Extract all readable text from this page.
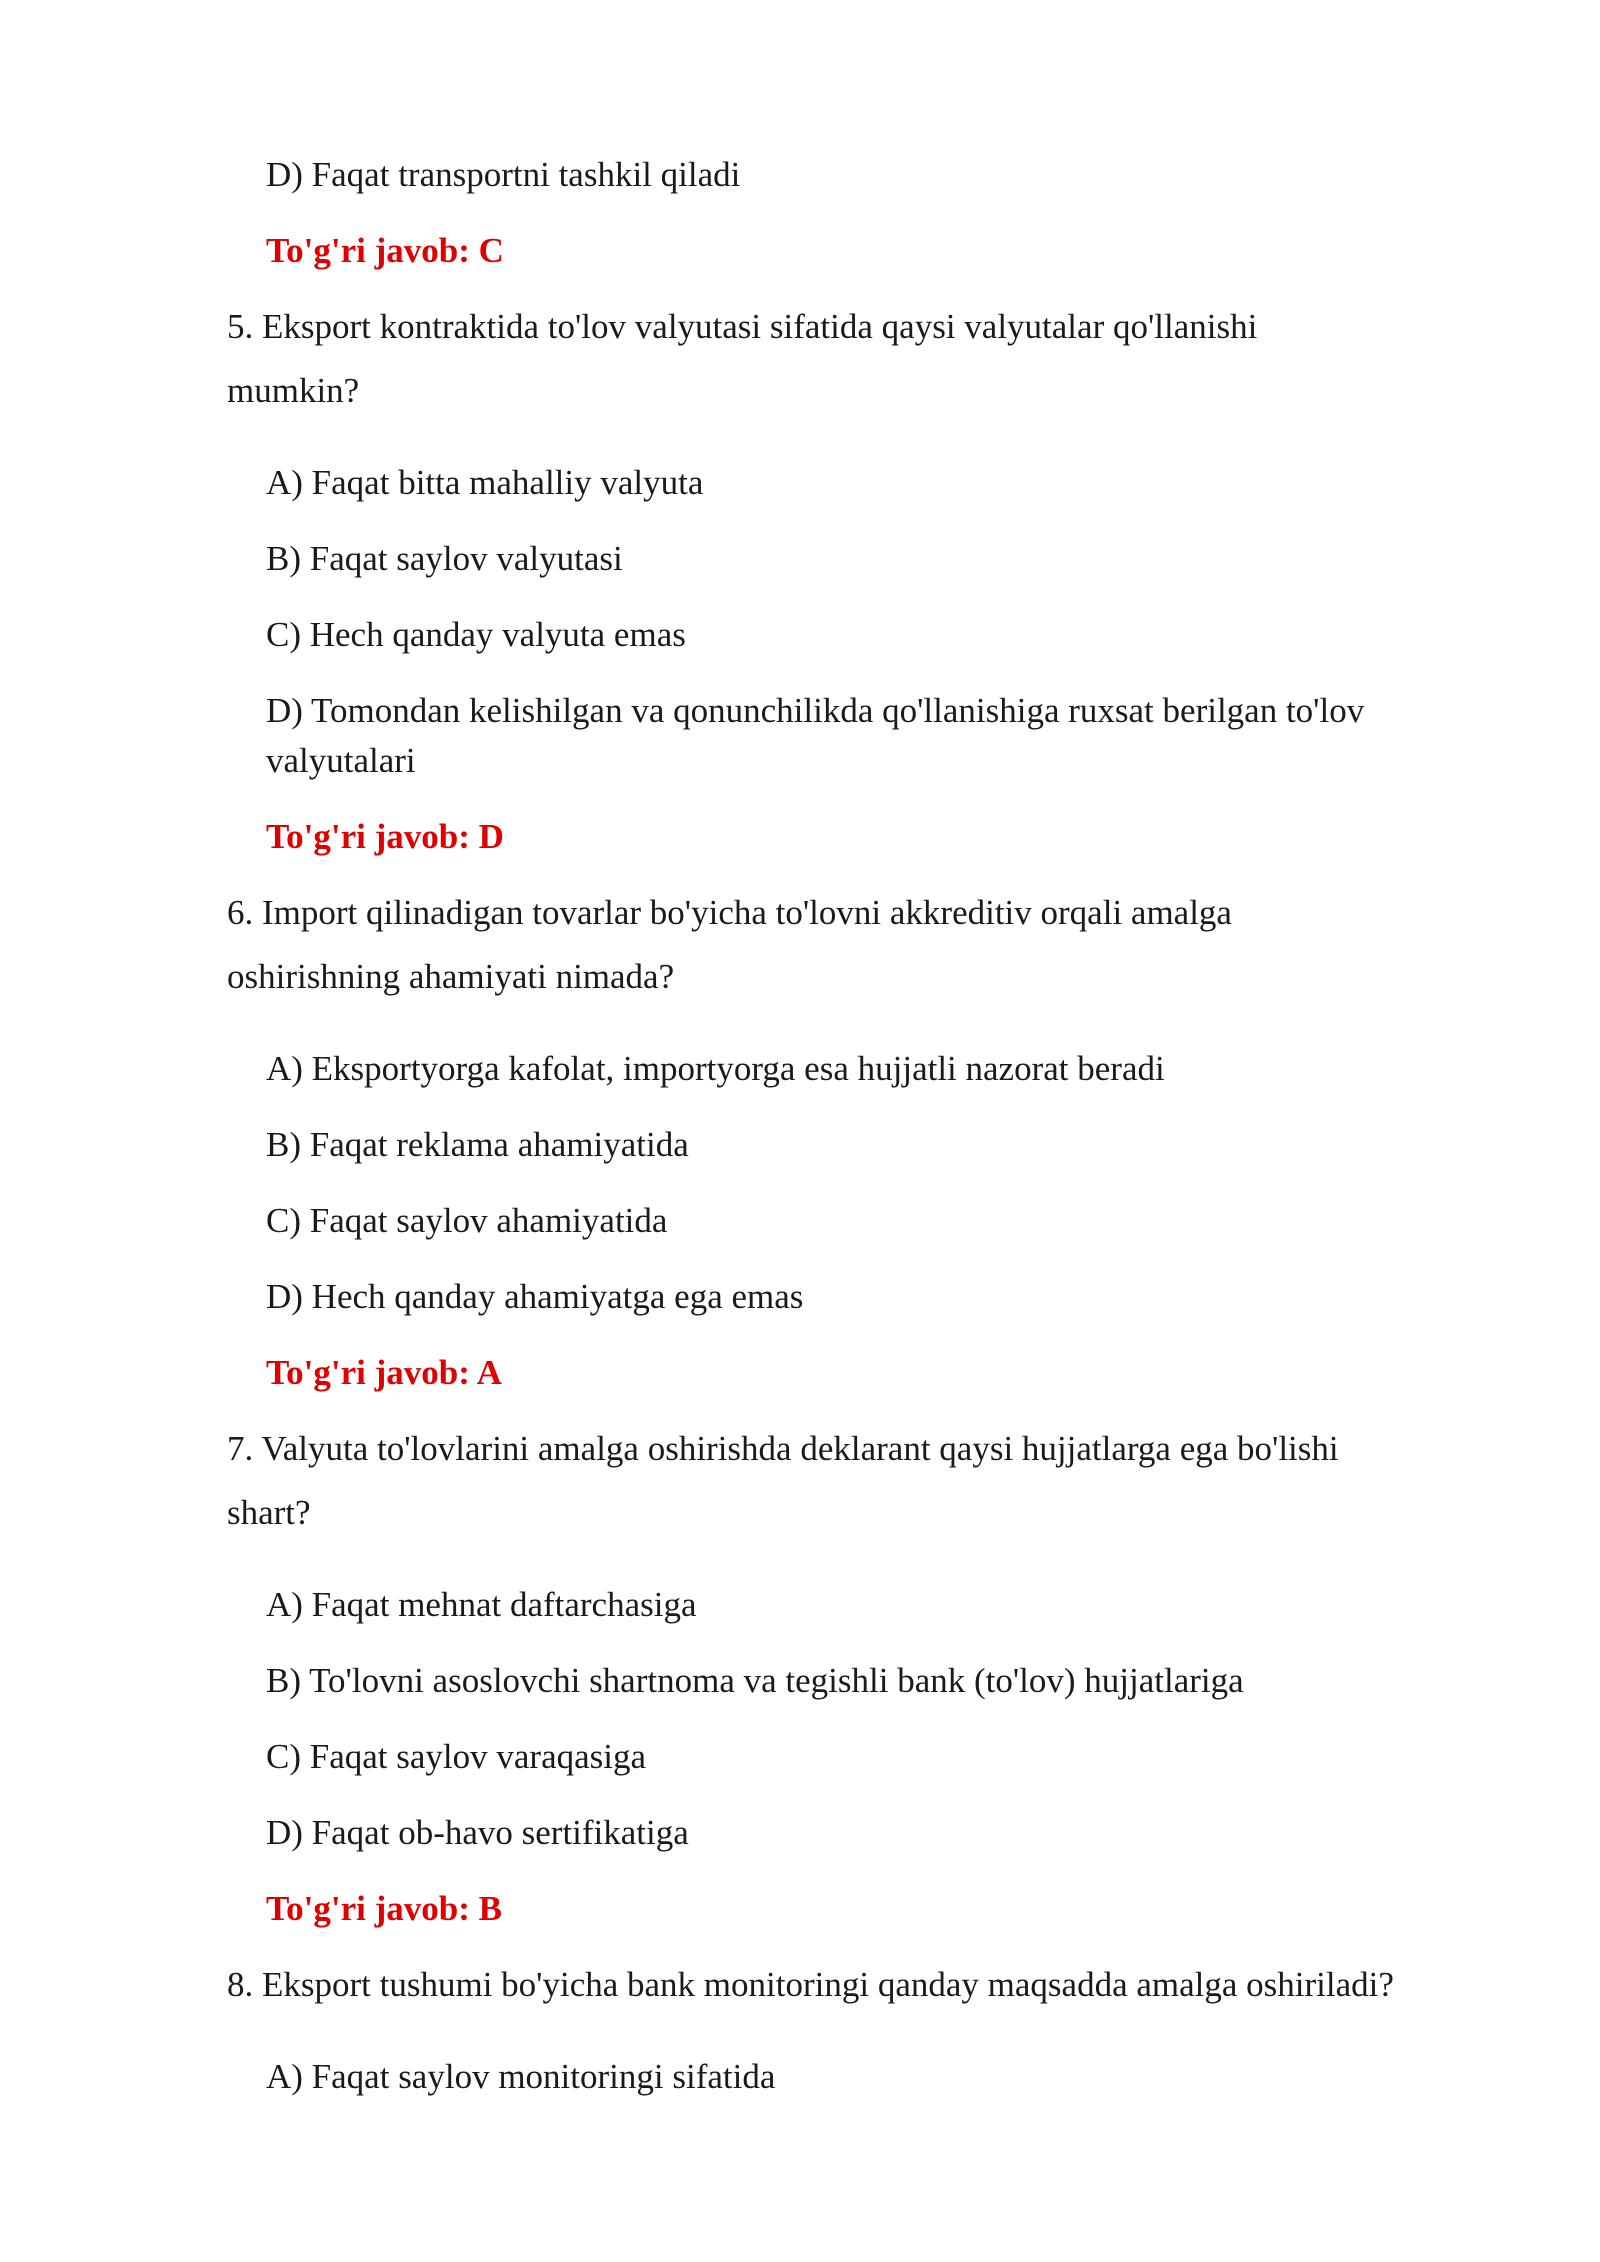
D) Faqat transportni tashkil qiladi
To'g'ri javob: C
5. Eksport kontraktida to'lov valyutasi sifatida qaysi valyutalar qo'llanishi
mumkin?
A) Faqat bitta mahalliy valyuta
B) Faqat saylov valyutasi
C) Hech qanday valyuta emas
D) Tomondan kelishilgan va qonunchilikda qo'llanishiga ruxsat berilgan to'lov
valyutalari
To'g'ri javob: D
6. Import qilinadigan tovarlar bo'yicha to'lovni akkreditiv orqali amalga
oshirishning ahamiyati nimada?
A) Eksportyorga kafolat, importyorga esa hujjatli nazorat beradi
B) Faqat reklama ahamiyatida
C) Faqat saylov ahamiyatida
D) Hech qanday ahamiyatga ega emas
To'g'ri javob: A
7. Valyuta to'lovlarini amalga oshirishda deklarant qaysi hujjatlarga ega bo'lishi
shart?
A) Faqat mehnat daftarchasiga
B) To'lovni asoslovchi shartnoma va tegishli bank (to'lov) hujjatlariga
C) Faqat saylov varaqasiga
D) Faqat ob-havo sertifikatiga
To'g'ri javob: B
8. Eksport tushumi bo'yicha bank monitoringi qanday maqsadda amalga oshiriladi?
A) Faqat saylov monitoringi sifatida
